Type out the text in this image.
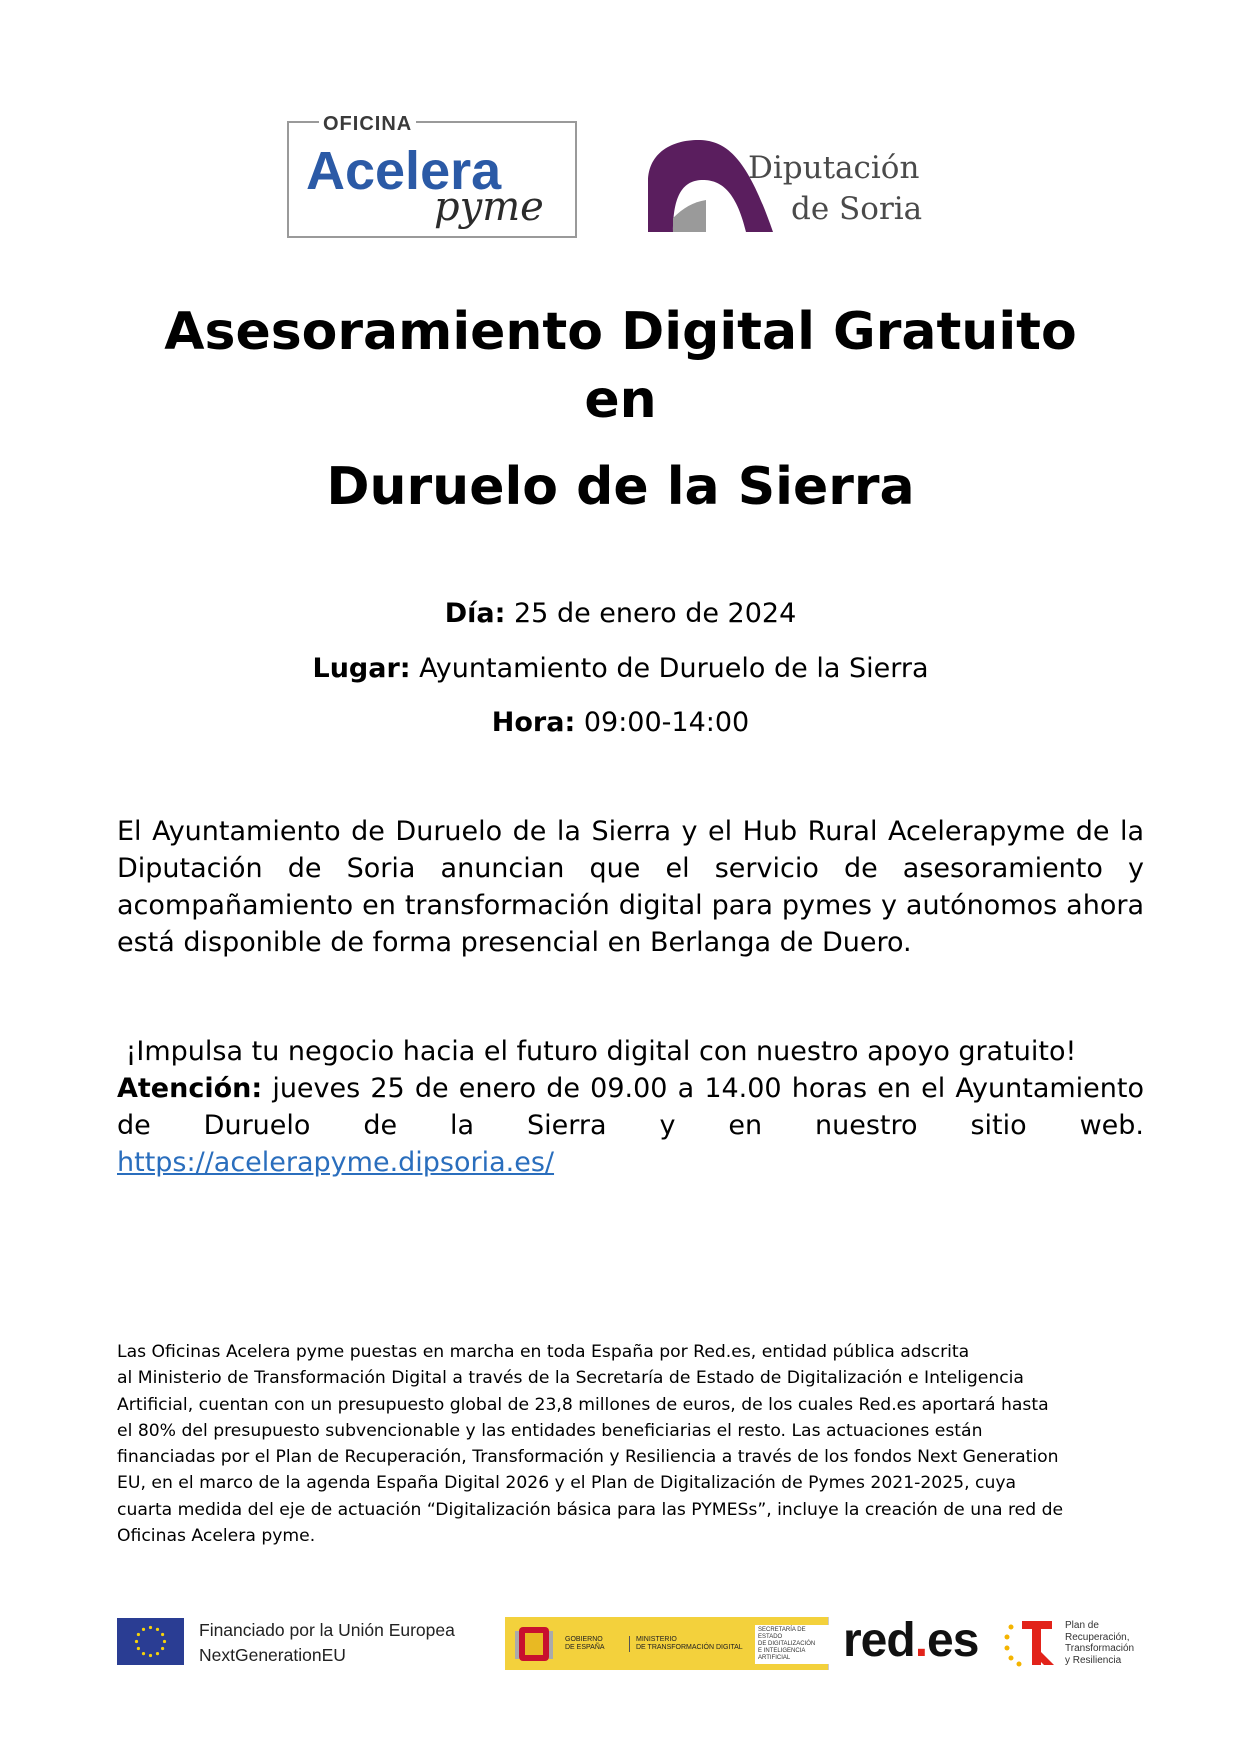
OFICINA
Acelera
pyme
Diputación
de Soria
Asesoramiento Digital Gratuito
en
Duruelo de la Sierra
Día: 25 de enero de 2024
Lugar: Ayuntamiento de Duruelo de la Sierra
Hora: 09:00-14:00
El Ayuntamiento de Duruelo de la Sierra y el Hub Rural Acelerapyme de la Diputación de Soria anuncian que el servicio de asesoramiento y acompañamiento en transformación digital para pymes y autónomos ahora está disponible de forma presencial en Berlanga de Duero.
¡Impulsa tu negocio hacia el futuro digital con nuestro apoyo gratuito!
Atención: jueves 25 de enero de 09.00 a 14.00 horas en el Ayuntamiento de Duruelo de la Sierra y en nuestro sitio web. https://acelerapyme.dipsoria.es/
Las Oficinas Acelera pyme puestas en marcha en toda España por Red.es, entidad pública adscrita
al Ministerio de Transformación Digital a través de la Secretaría de Estado de Digitalización e Inteligencia
Artificial, cuentan con un presupuesto global de 23,8 millones de euros, de los cuales Red.es aportará hasta
el 80% del presupuesto subvencionable y las entidades beneficiarias el resto. Las actuaciones están
financiadas por el Plan de Recuperación, Transformación y Resiliencia a través de los fondos Next Generation
EU, en el marco de la agenda España Digital 2026 y el Plan de Digitalización de Pymes 2021-2025, cuya
cuarta medida del eje de actuación “Digitalización básica para las PYMESs”, incluye la creación de una red de
Oficinas Acelera pyme.
Financiado por la Unión Europea
NextGenerationEU
GOBIERNO
DE ESPAÑA
MINISTERIO
DE TRANSFORMACIÓN DIGITAL
SECRETARÍA DE ESTADO
DE DIGITALIZACIÓN
E INTELIGENCIA ARTIFICIAL	red.es	Plan de
Recuperación,
Transformación
y Resiliencia
